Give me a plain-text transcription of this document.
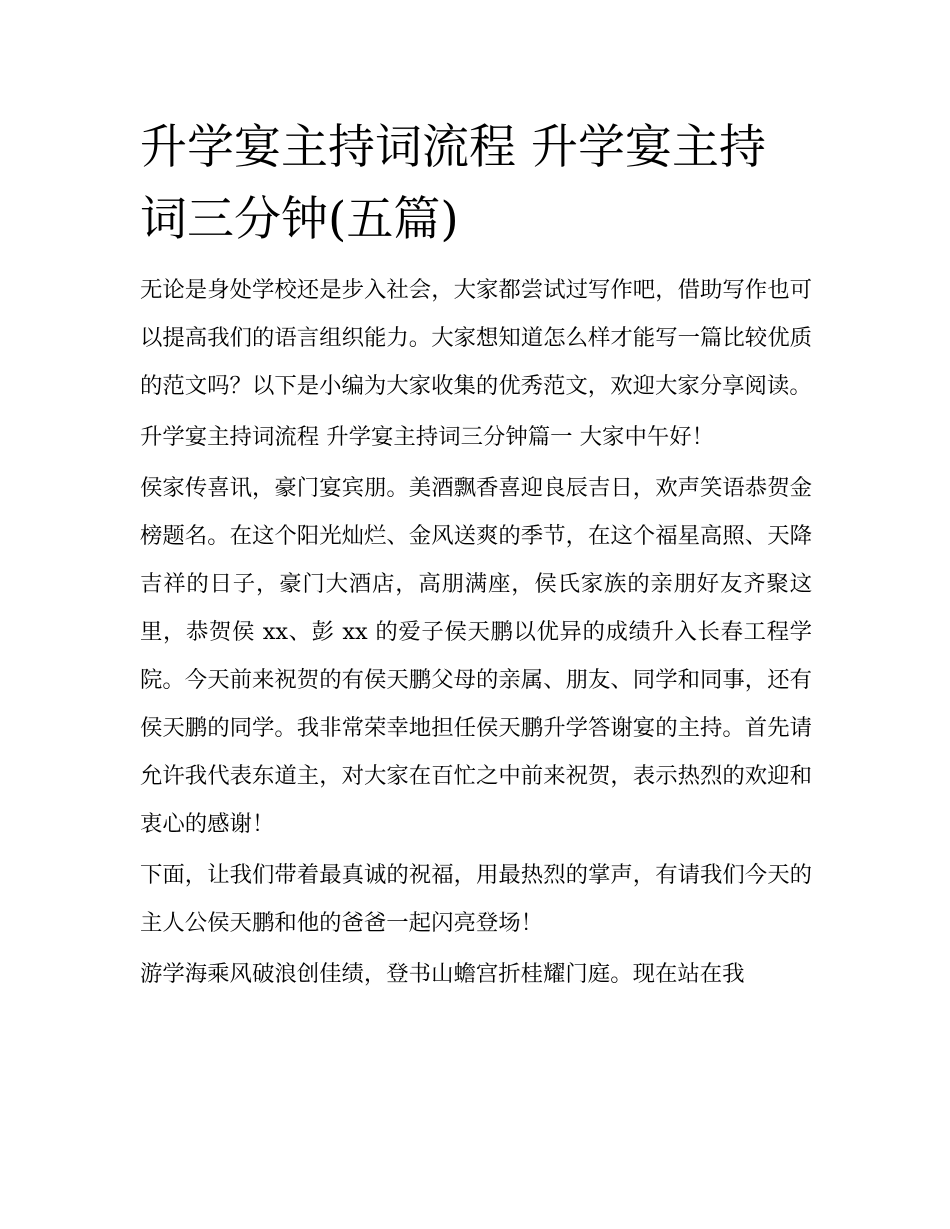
升学宴主持词流程 升学宴主持词三分钟(五篇)

无论是身处学校还是步入社会，大家都尝试过写作吧，借助写作也可以提高我们的语言组织能力。大家想知道怎么样才能写一篇比较优质的范文吗？以下是小编为大家收集的优秀范文，欢迎大家分享阅读。

升学宴主持词流程 升学宴主持词三分钟篇一 大家中午好！

侯家传喜讯，豪门宴宾朋。美酒飘香喜迎良辰吉日，欢声笑语恭贺金榜题名。在这个阳光灿烂、金风送爽的季节，在这个福星高照、天降吉祥的日子，豪门大酒店，高朋满座，侯氏家族的亲朋好友齐聚这里，恭贺侯 xx、彭 xx 的爱子侯天鹏以优异的成绩升入长春工程学院。今天前来祝贺的有侯天鹏父母的亲属、朋友、同学和同事，还有侯天鹏的同学。我非常荣幸地担任侯天鹏升学答谢宴的主持。首先请允许我代表东道主，对大家在百忙之中前来祝贺，表示热烈的欢迎和衷心的感谢！

下面，让我们带着最真诚的祝福，用最热烈的掌声，有请我们今天的主人公侯天鹏和他的爸爸一起闪亮登场！

游学海乘风破浪创佳绩，登书山蟾宫折桂耀门庭。现在站在我
